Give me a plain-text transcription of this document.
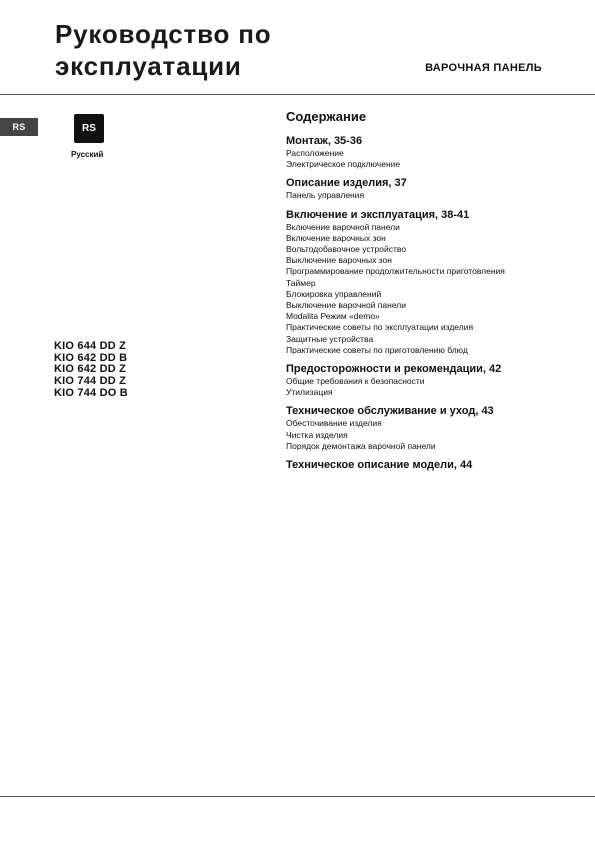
Руководство по
эксплуатации	ВАРОЧНАЯ ПАНЕЛЬ
RS	RS
Русский
KIO 644 DD Z
KIO 642 DD B
KIO 642 DD Z
KIO 744 DD Z
KIO 744 DO B
Содержание
Монтаж, 35-36
Расположение
Электрическое подключение
Описание изделия, 37
Панель управления
Включение и эксплуатация, 38-41
Включение варочной панели
Включение варочных зон
Вольтодобавочное устройство
Выключение варочных зон
Программирование продолжительности приготовления
Таймер
Блокировка управлений
Выключение варочной панели
Modalita Режим «demo»
Практические советы по эксплуатации изделия
Защитные устройства
Практические советы по приготовлению блюд
Предосторожности и рекомендации, 42
Общие требования к безопасности
Утилизация
Техническое обслуживание и уход, 43
Обесточивание изделия
Чистка изделия
Порядок демонтажа варочной панели
Техническое описание модели, 44
